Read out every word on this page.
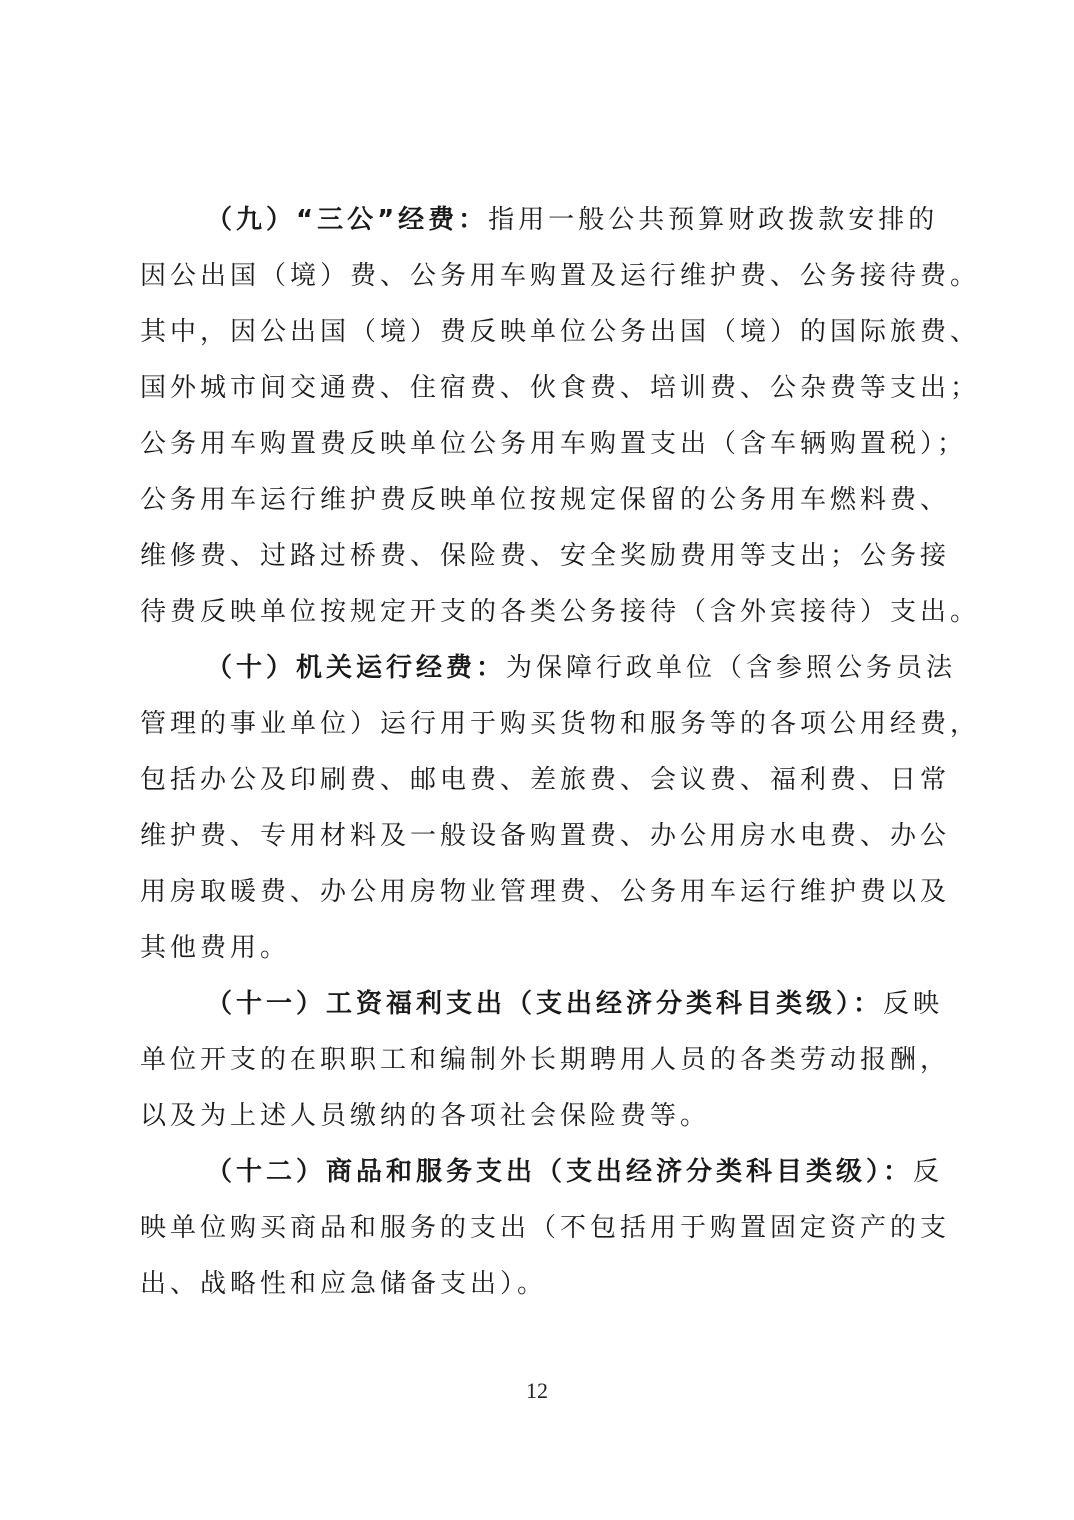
（九）“三公”经费：指用一般公共预算财政拨款安排的
因公出国（境）费、公务用车购置及运行维护费、公务接待费。
其中，因公出国（境）费反映单位公务出国（境）的国际旅费、
国外城市间交通费、住宿费、伙食费、培训费、公杂费等支出；
公务用车购置费反映单位公务用车购置支出（含车辆购置税）；
公务用车运行维护费反映单位按规定保留的公务用车燃料费、
维修费、过路过桥费、保险费、安全奖励费用等支出；公务接
待费反映单位按规定开支的各类公务接待（含外宾接待）支出。
（十）机关运行经费：为保障行政单位（含参照公务员法
管理的事业单位）运行用于购买货物和服务等的各项公用经费，
包括办公及印刷费、邮电费、差旅费、会议费、福利费、日常
维护费、专用材料及一般设备购置费、办公用房水电费、办公
用房取暖费、办公用房物业管理费、公务用车运行维护费以及
其他费用。
（十一）工资福利支出（支出经济分类科目类级）：反映
单位开支的在职职工和编制外长期聘用人员的各类劳动报酬，
以及为上述人员缴纳的各项社会保险费等。
（十二）商品和服务支出（支出经济分类科目类级）：反
映单位购买商品和服务的支出（不包括用于购置固定资产的支
出、战略性和应急储备支出）。
12
